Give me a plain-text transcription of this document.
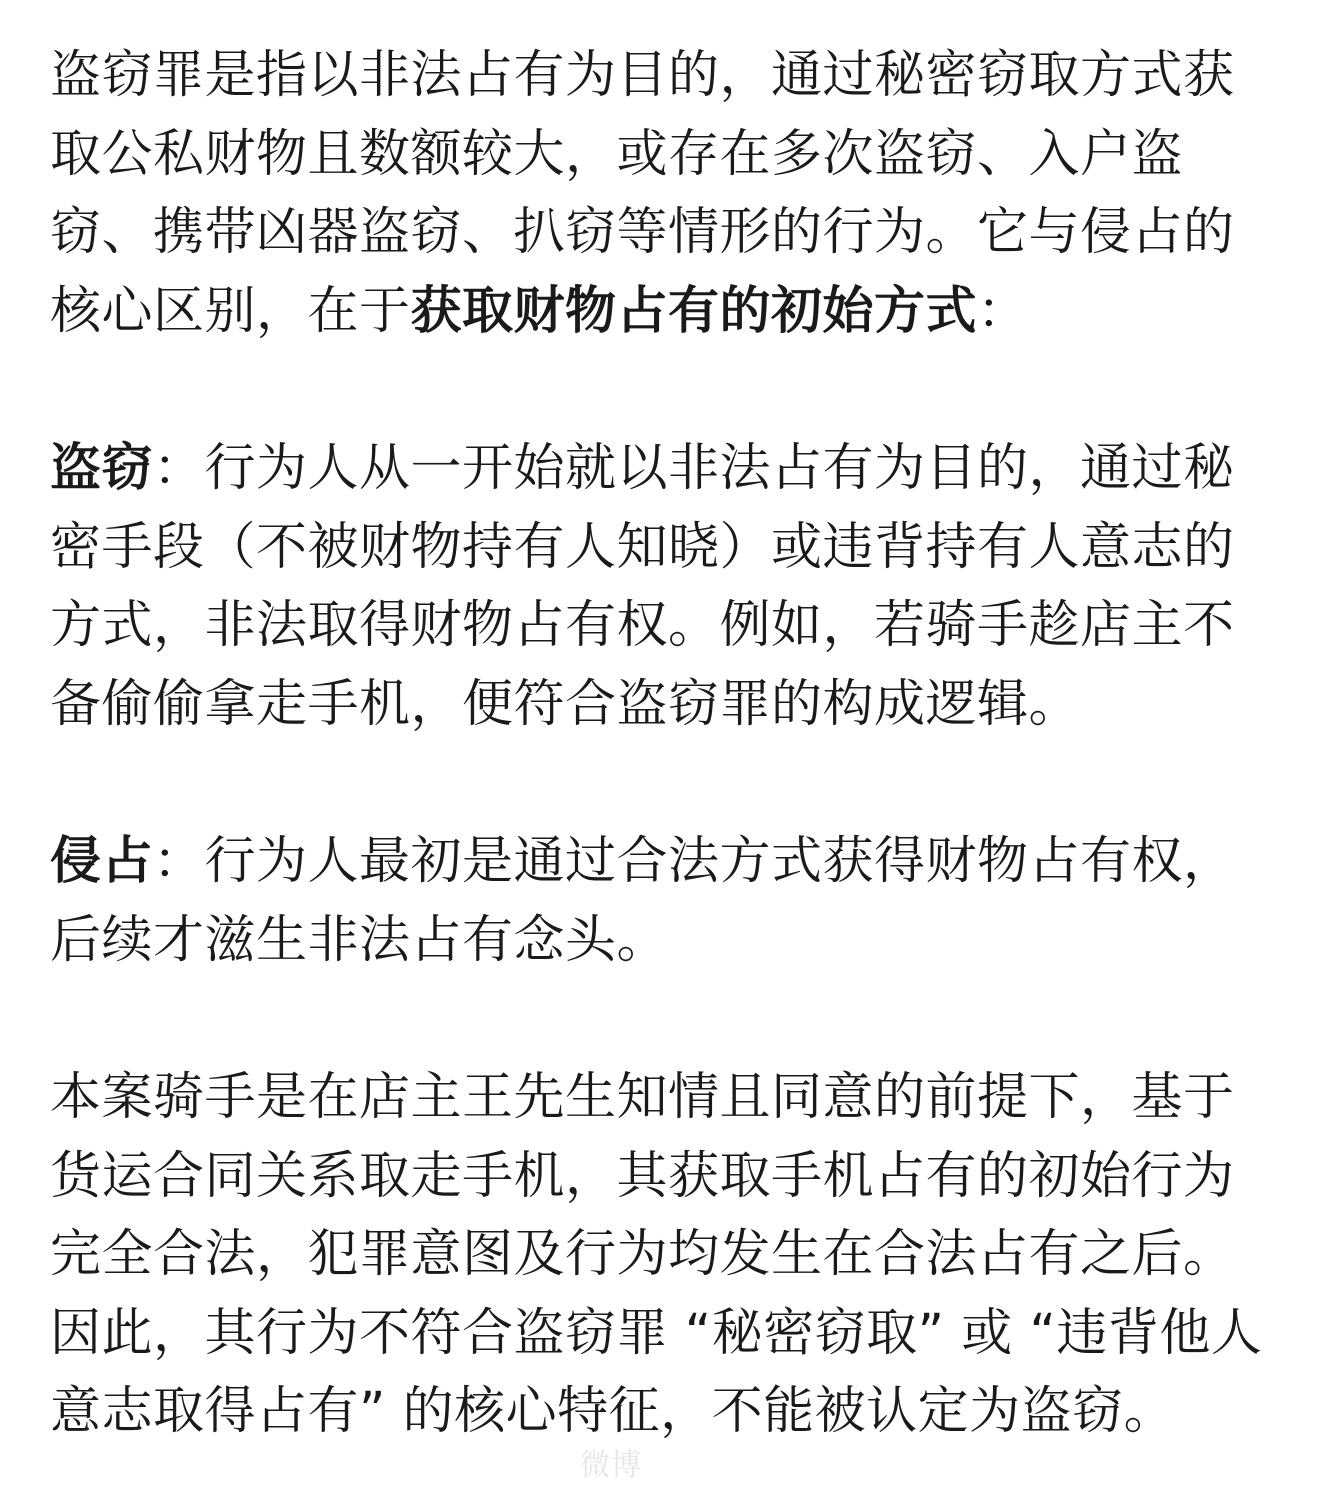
盗窃罪是指以非法占有为目的，通过秘密窃取方式获取公私财物且数额较大，或存在多次盗窃、入户盗窃、携带凶器盗窃、扒窃等情形的行为。它与侵占的核心区别，在于获取财物占有的初始方式：

盗窃：行为人从一开始就以非法占有为目的，通过秘密手段（不被财物持有人知晓）或违背持有人意志的方式，非法取得财物占有权。例如，若骑手趁店主不备偷偷拿走手机，便符合盗窃罪的构成逻辑。

侵占：行为人最初是通过合法方式获得财物占有权，后续才滋生非法占有念头。

本案骑手是在店主王先生知情且同意的前提下，基于货运合同关系取走手机，其获取手机占有的初始行为完全合法，犯罪意图及行为均发生在合法占有之后。因此，其行为不符合盗窃罪 “秘密窃取” 或 “违背他人意志取得占有” 的核心特征，不能被认定为盗窃。

微博
